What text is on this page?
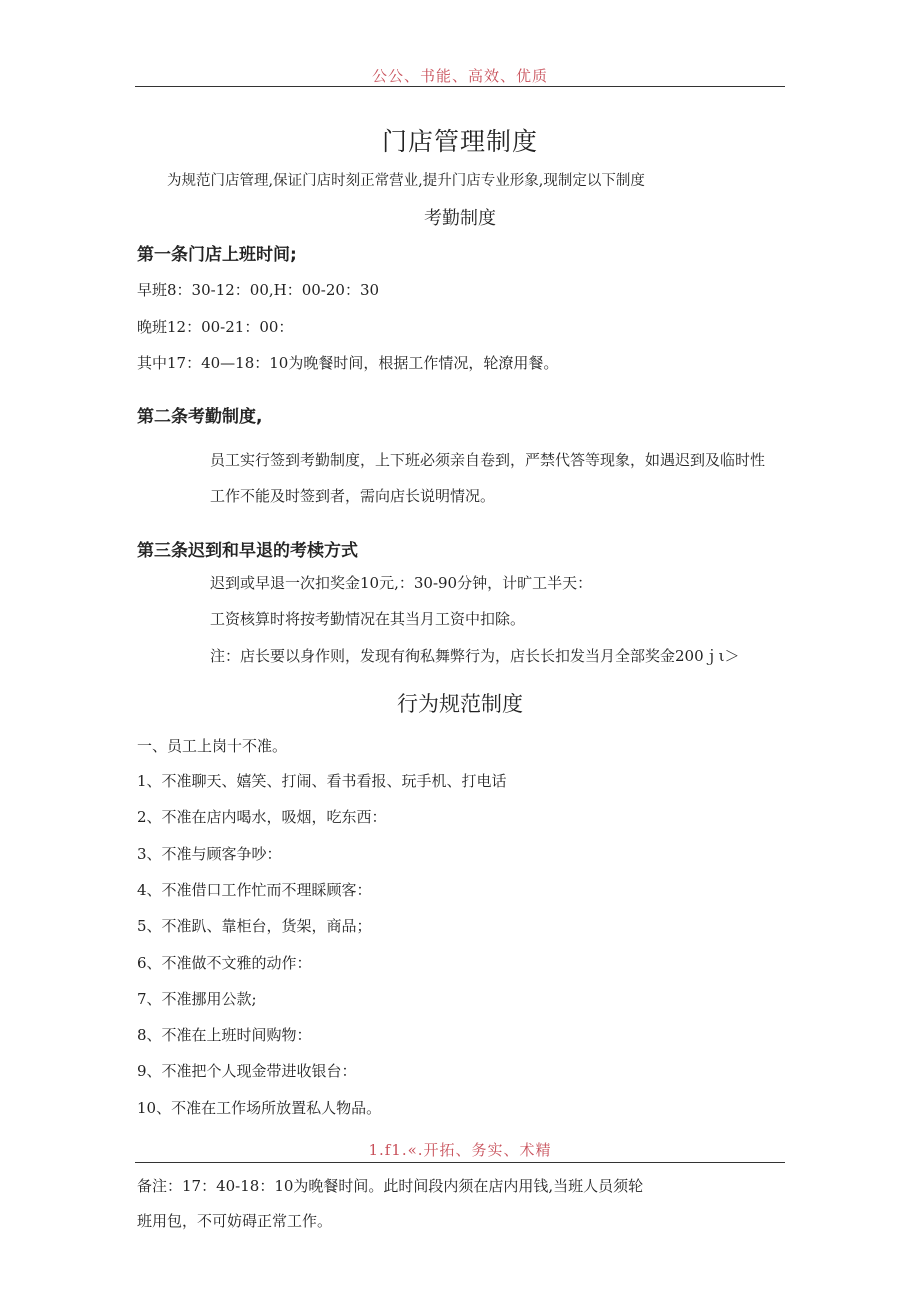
公公、书能、高效、优质
门店管理制度
为规范门店管理,保证门店时刻正常营业,提升门店专业形象,现制定以下制度
考勤制度
第一条门店上班时间;
早班8：30-12：00,H：00-20：30
晚班12：00-21：00：
其中17：40—18：10为晚餐时间，根据工作情况，轮潦用餐。
第二条考勤制度,
员工实行签到考勤制度，上下班必须亲自卷到，严禁代答等现象，如遇迟到及临时性
工作不能及时签到者，需向店长说明情况。
第三条迟到和早退的考椟方式
迟到或早退一次扣奖金10元,：30-90分钟，计旷工半天：
工资核算时将按考勤情况在其当月工资中扣除。
注：店长要以身作则，发现有徇私舞弊行为，店长长扣发当月全部奖金200ｊι＞
行为规范制度
一、员工上岗十不准。
1、不准聊天、嬉笑、打闹、看书看报、玩手机、打电话
2、不准在店内喝水，吸烟，吃东西：
3、不准与顾客争吵：
4、不准借口工作忙而不理睬顾客：
5、不准趴、靠柜台，货架，商品；
6、不准做不文雅的动作：
7、不准挪用公款;
8、不准在上班时间购物：
9、不准把个人现金带进收银台：
10、不准在工作场所放置私人物品。
1.f1.«.开拓、务实、术精
备注：17：40-18：10为晚餐时间。此时间段内须在店内用钱,当班人员须轮
班用包，不可妨碍正常工作。
